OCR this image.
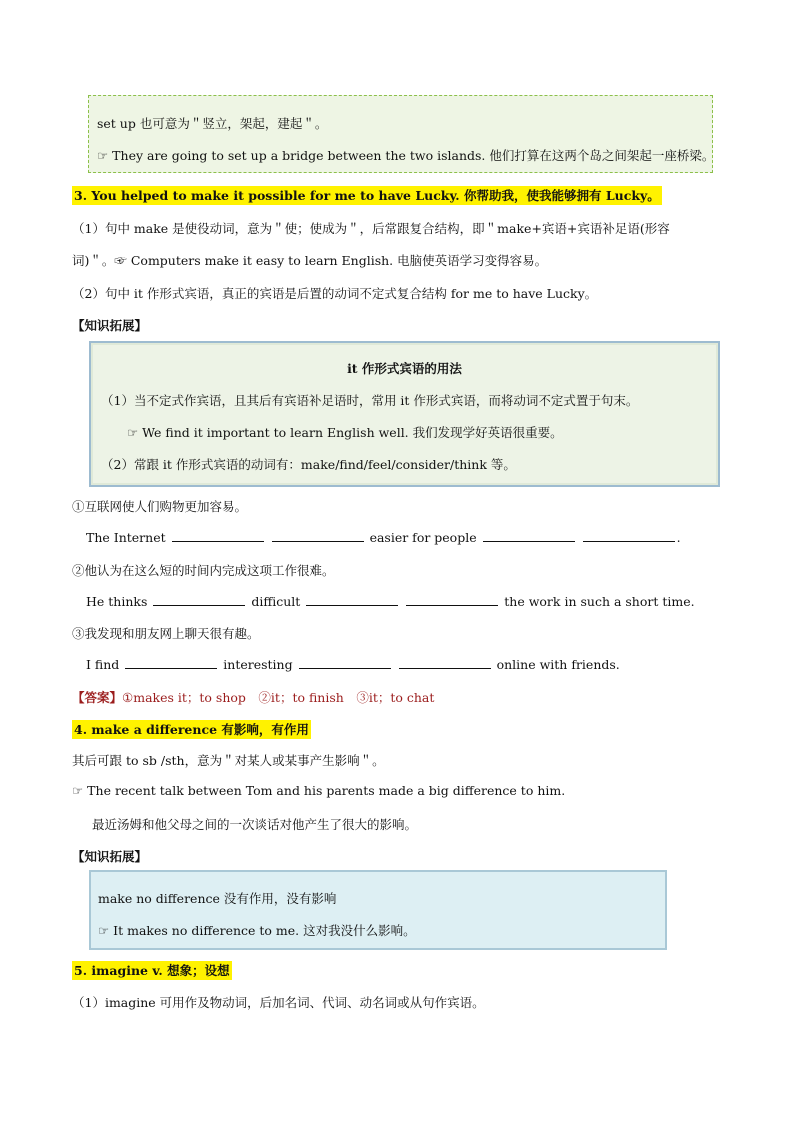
set up 也可意为＂竖立，架起，建起＂。
☞ They are going to set up a bridge between the two islands. 他们打算在这两个岛之间架起一座桥梁。
3. You helped to make it possible for me to have Lucky. 你帮助我，使我能够拥有 Lucky。
（1）句中 make 是使役动词，意为＂使；使成为＂，后常跟复合结构，即＂make+宾语+宾语补足语(形容
词)＂。☞ Computers make it easy to learn English. 电脑使英语学习变得容易。
（2）句中 it 作形式宾语，真正的宾语是后置的动词不定式复合结构 for me to have Lucky。
【知识拓展】
it 作形式宾语的用法
（1）当不定式作宾语，且其后有宾语补足语时，常用 it 作形式宾语，而将动词不定式置于句末。
☞ We find it important to learn English well. 我们发现学好英语很重要。
（2）常跟 it 作形式宾语的动词有：make/find/feel/consider/think 等。
①互联网使人们购物更加容易。
The Internet	easier for people	.
②他认为在这么短的时间内完成这项工作很难。
He thinks	difficult	the work in such a short time.
③我发现和朋友网上聊天很有趣。
I find	interesting	online with friends.
【答案】①makes it；to shop　②it；to finish　③it；to chat
4. make a difference 有影响，有作用
其后可跟 to sb /sth，意为＂对某人或某事产生影响＂。
☞ The recent talk between Tom and his parents made a big difference to him.
最近汤姆和他父母之间的一次谈话对他产生了很大的影响。
【知识拓展】
make no difference 没有作用，没有影响
☞ It makes no difference to me. 这对我没什么影响。
5. imagine v. 想象；设想
（1）imagine 可用作及物动词，后加名词、代词、动名词或从句作宾语。
